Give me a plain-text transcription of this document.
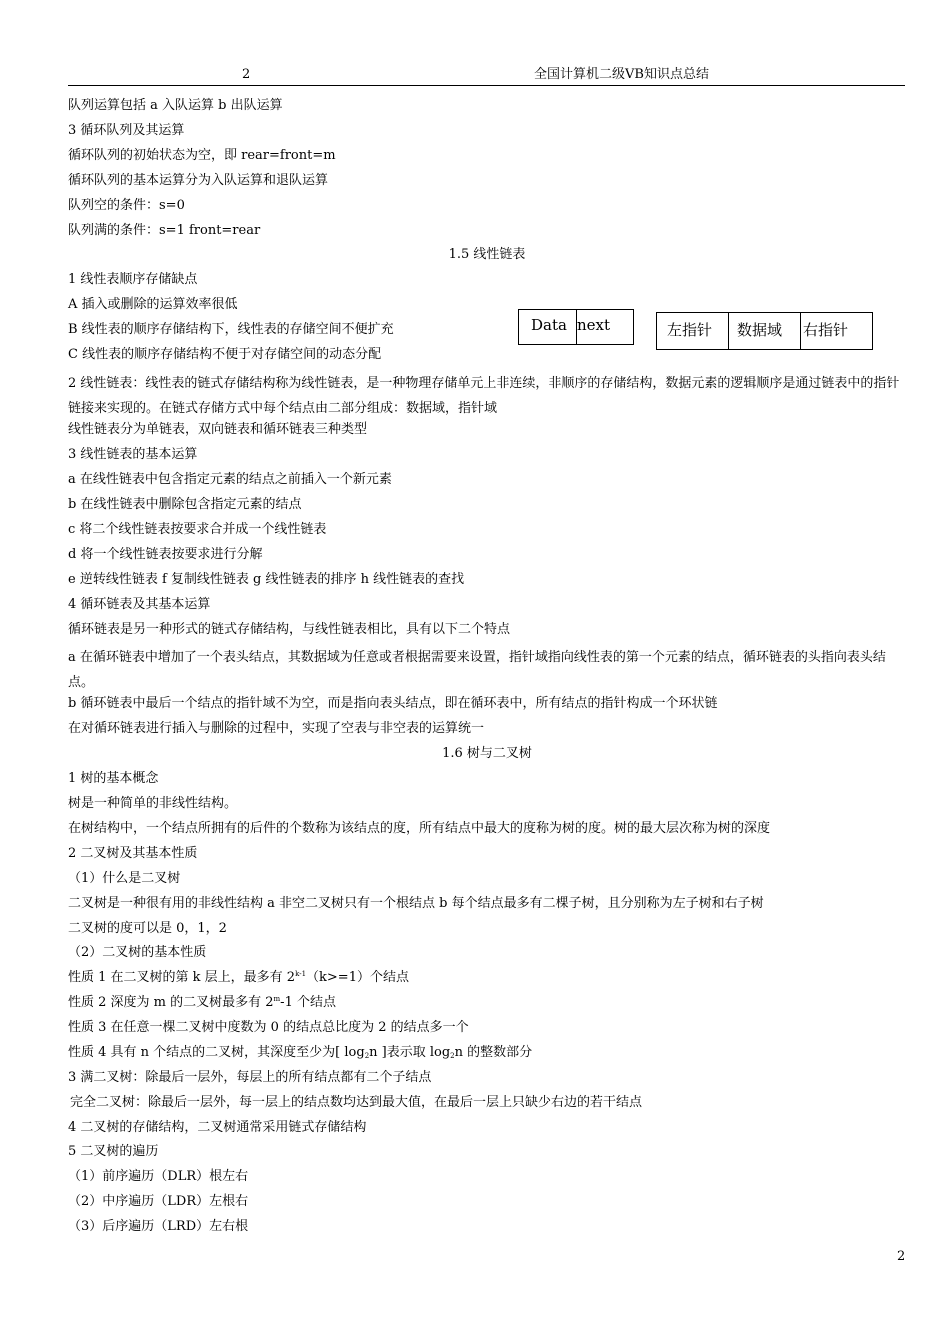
2	全国计算机二级VB知识点总结
队列运算包括 a 入队运算 b 出队运算
3 循环队列及其运算
循环队列的初始状态为空，即 rear=front=m
循环队列的基本运算分为入队运算和退队运算
队列空的条件：s=0
队列满的条件：s=1 front=rear
1.5 线性链表
1 线性表顺序存储缺点
A 插入或删除的运算效率很低
B 线性表的顺序存储结构下，线性表的存储空间不便扩充
C 线性表的顺序存储结构不便于对存储空间的动态分配
Data next	左指针	数据域	右指针
2 线性链表：线性表的链式存储结构称为线性链表，是一种物理存储单元上非连续，非顺序的存储结构，数据元素的逻辑顺序是通过链表中的指针链接来实现的。在链式存储方式中每个结点由二部分组成：数据域，指针域
线性链表分为单链表，双向链表和循环链表三种类型
3 线性链表的基本运算
a 在线性链表中包含指定元素的结点之前插入一个新元素
b 在线性链表中删除包含指定元素的结点
c 将二个线性链表按要求合并成一个线性链表
d 将一个线性链表按要求进行分解
e 逆转线性链表 f 复制线性链表 g 线性链表的排序 h 线性链表的查找
4 循环链表及其基本运算
循环链表是另一种形式的链式存储结构，与线性链表相比，具有以下二个特点
a 在循环链表中增加了一个表头结点，其数据域为任意或者根据需要来设置，指针域指向线性表的第一个元素的结点，循环链表的头指向表头结点。
b 循环链表中最后一个结点的指针域不为空，而是指向表头结点，即在循环表中，所有结点的指针构成一个环状链
在对循环链表进行插入与删除的过程中，实现了空表与非空表的运算统一
1.6 树与二叉树
1 树的基本概念
树是一种简单的非线性结构。
在树结构中，一个结点所拥有的后件的个数称为该结点的度，所有结点中最大的度称为树的度。树的最大层次称为树的深度
2 二叉树及其基本性质
（1）什么是二叉树
二叉树是一种很有用的非线性结构 a 非空二叉树只有一个根结点 b 每个结点最多有二棵子树，且分别称为左子树和右子树
二叉树的度可以是 0，1，2
（2）二叉树的基本性质
性质 1 在二叉树的第 k 层上，最多有 $2^{k-1}(k>=1)$个结点
性质 2 深度为 m 的二叉树最多有 2$^m$-1 个结点
性质 3 在任意一棵二叉树中度数为 0 的结点总比度为 2 的结点多一个
性质 4 具有 n 个结点的二叉树，其深度至少为[ $\log_2n$ ]表示取 $\log_2n$ 的整数部分
3 满二叉树：除最后一层外，每层上的所有结点都有二个子结点
完全二叉树：除最后一层外，每一层上的结点数均达到最大值，在最后一层上只缺少右边的若干结点
4 二叉树的存储结构，二叉树通常采用链式存储结构
5 二叉树的遍历
（1）前序遍历（DLR）根左右
（2）中序遍历（LDR）左根右
（3）后序遍历（LRD）左右根
2
